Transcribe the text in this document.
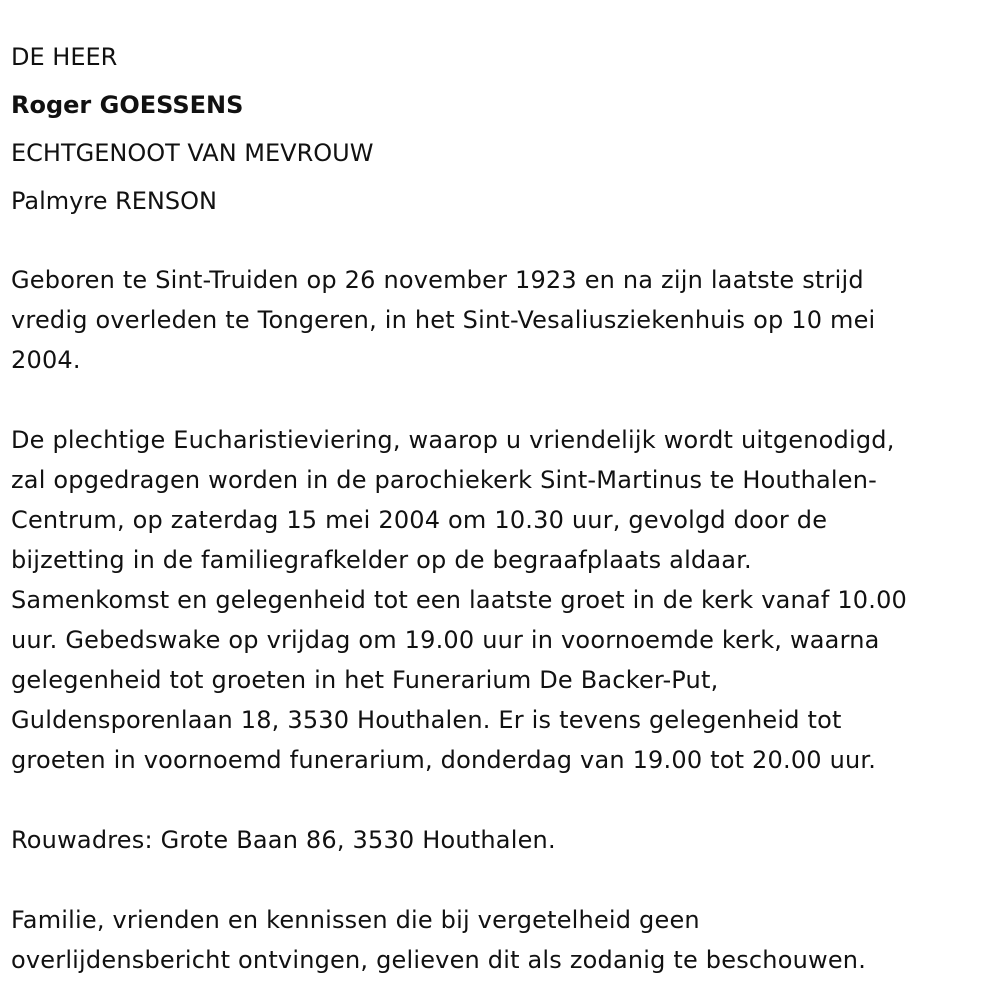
DE HEER
Roger GOESSENS
ECHTGENOOT VAN MEVROUW
Palmyre RENSON
Geboren te Sint-Truiden op 26 november 1923 en na zijn laatste strijd
vredig overleden te Tongeren, in het Sint-Vesaliusziekenhuis op 10 mei
2004.
De plechtige Eucharistieviering, waarop u vriendelijk wordt uitgenodigd,
zal opgedragen worden in de parochiekerk Sint-Martinus te Houthalen-
Centrum, op zaterdag 15 mei 2004 om 10.30 uur, gevolgd door de
bijzetting in de familiegrafkelder op de begraafplaats aldaar.
Samenkomst en gelegenheid tot een laatste groet in de kerk vanaf 10.00
uur. Gebedswake op vrijdag om 19.00 uur in voornoemde kerk, waarna
gelegenheid tot groeten in het Funerarium De Backer-Put,
Guldensporenlaan 18, 3530 Houthalen. Er is tevens gelegenheid tot
groeten in voornoemd funerarium, donderdag van 19.00 tot 20.00 uur.
Rouwadres: Grote Baan 86, 3530 Houthalen.
Familie, vrienden en kennissen die bij vergetelheid geen
overlijdensbericht ontvingen, gelieven dit als zodanig te beschouwen.
